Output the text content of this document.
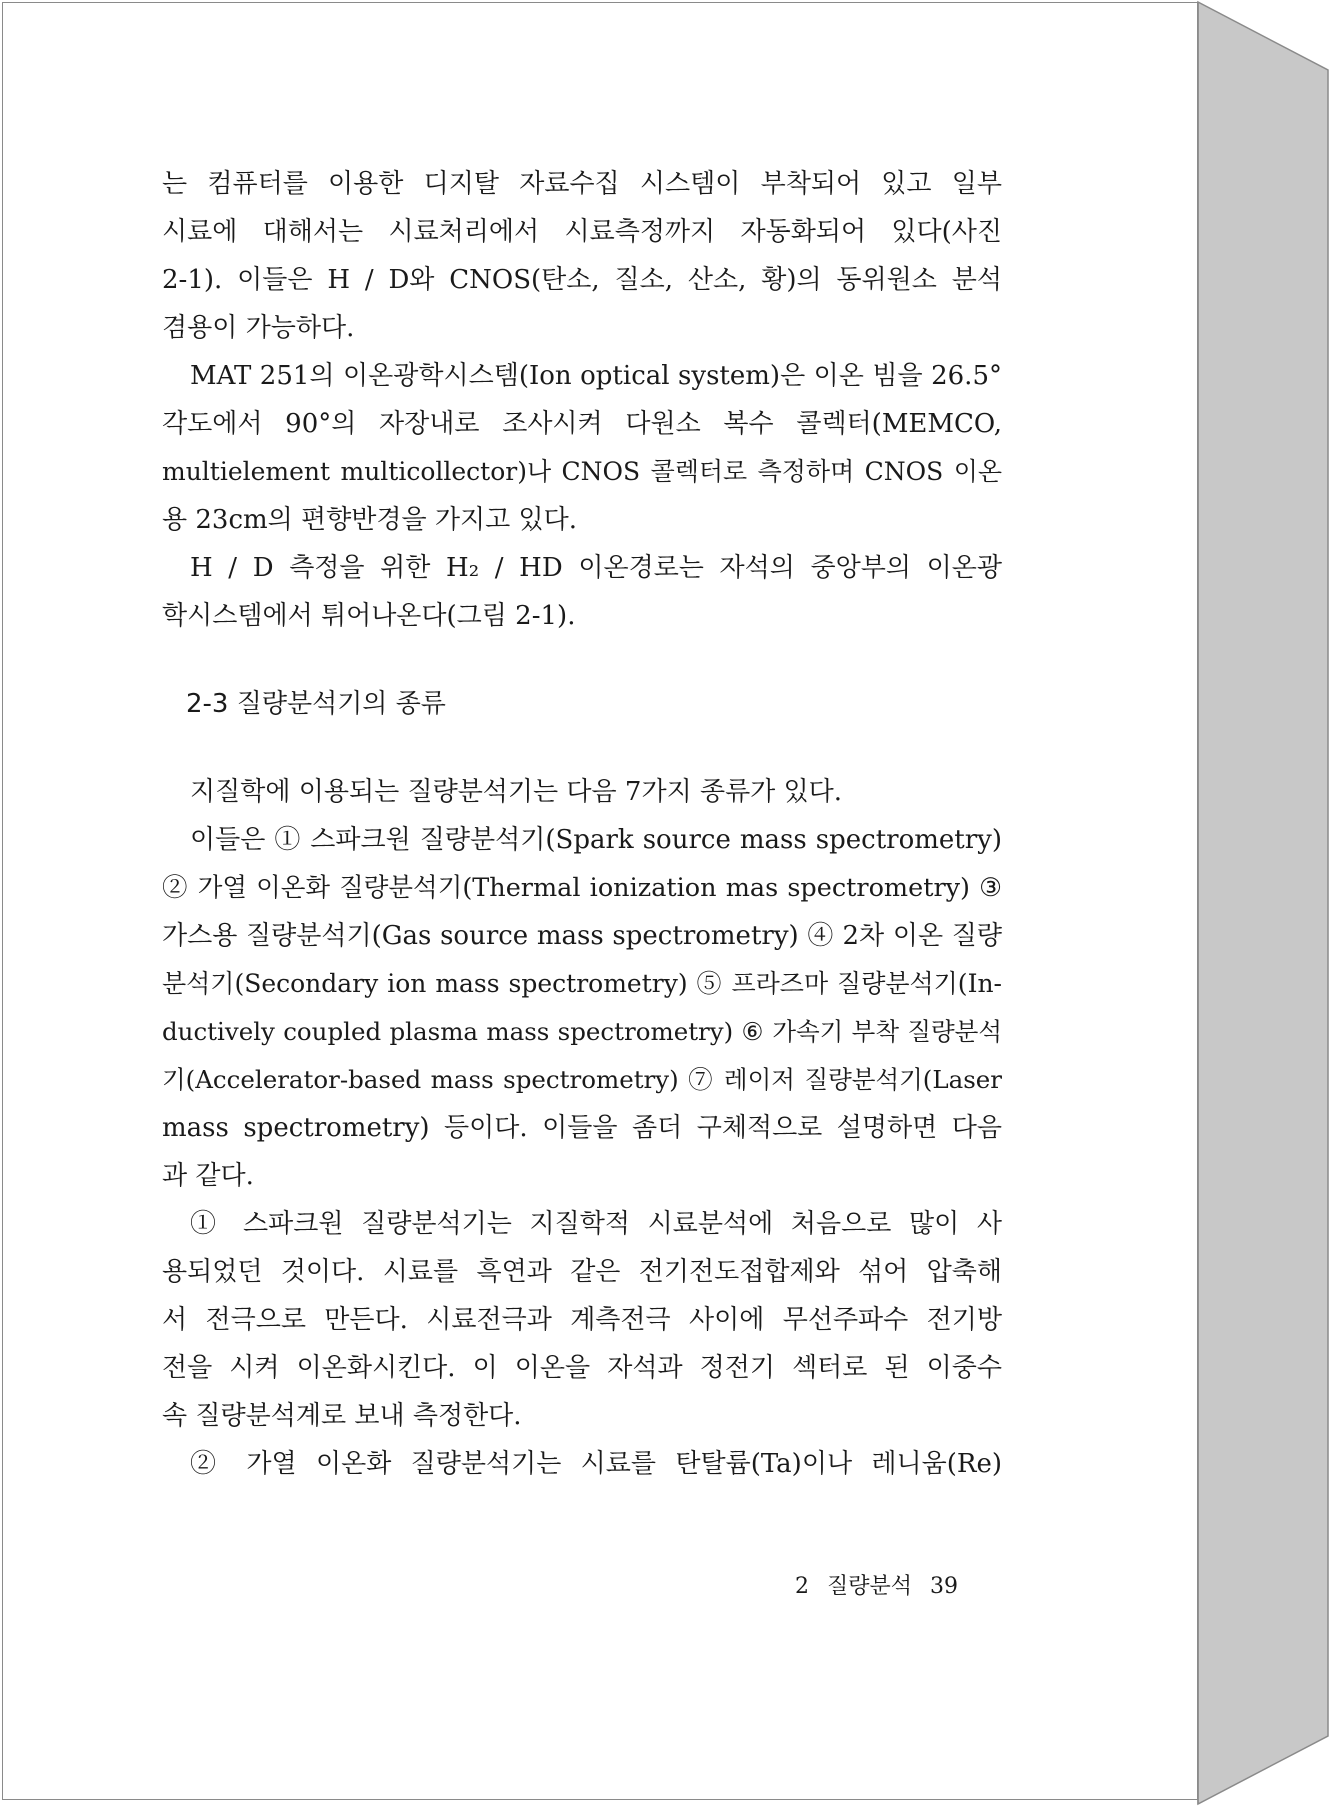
는 컴퓨터를 이용한 디지탈 자료수집 시스템이 부착되어 있고 일부
시료에 대해서는 시료처리에서 시료측정까지 자동화되어 있다(사진
2-1). 이들은 H / D와 CNOS(탄소, 질소, 산소, 황)의 동위원소 분석
겸용이 가능하다.
MAT 251의 이온광학시스템(Ion optical system)은 이온 빔을 26.5°
각도에서 90°의 자장내로 조사시켜 다원소 복수 콜렉터(MEMCO,
multielement multicollector)나 CNOS 콜렉터로 측정하며 CNOS 이온
용 23cm의 편향반경을 가지고 있다.
H / D 측정을 위한 H₂ / HD 이온경로는 자석의 중앙부의 이온광
학시스템에서 튀어나온다(그림 2-1).
2-3 질량분석기의 종류
지질학에 이용되는 질량분석기는 다음 7가지 종류가 있다.
이들은 ① 스파크원 질량분석기(Spark source mass spectrometry)
② 가열 이온화 질량분석기(Thermal ionization mas spectrometry) ③
가스용 질량분석기(Gas source mass spectrometry) ④ 2차 이온 질량
분석기(Secondary ion mass spectrometry) ⑤ 프라즈마 질량분석기(In-
ductively coupled plasma mass spectrometry) ⑥ 가속기 부착 질량분석
기(Accelerator-based mass spectrometry) ⑦ 레이저 질량분석기(Laser
mass spectrometry) 등이다. 이들을 좀더 구체적으로 설명하면 다음
과 같다.
① 스파크원 질량분석기는 지질학적 시료분석에 처음으로 많이 사
용되었던 것이다. 시료를 흑연과 같은 전기전도접합제와 섞어 압축해
서 전극으로 만든다. 시료전극과 계측전극 사이에 무선주파수 전기방
전을 시켜 이온화시킨다. 이 이온을 자석과 정전기 섹터로 된 이중수
속 질량분석계로 보내 측정한다.
② 가열 이온화 질량분석기는 시료를 탄탈륨(Ta)이나 레니움(Re)
2 질량분석 39
